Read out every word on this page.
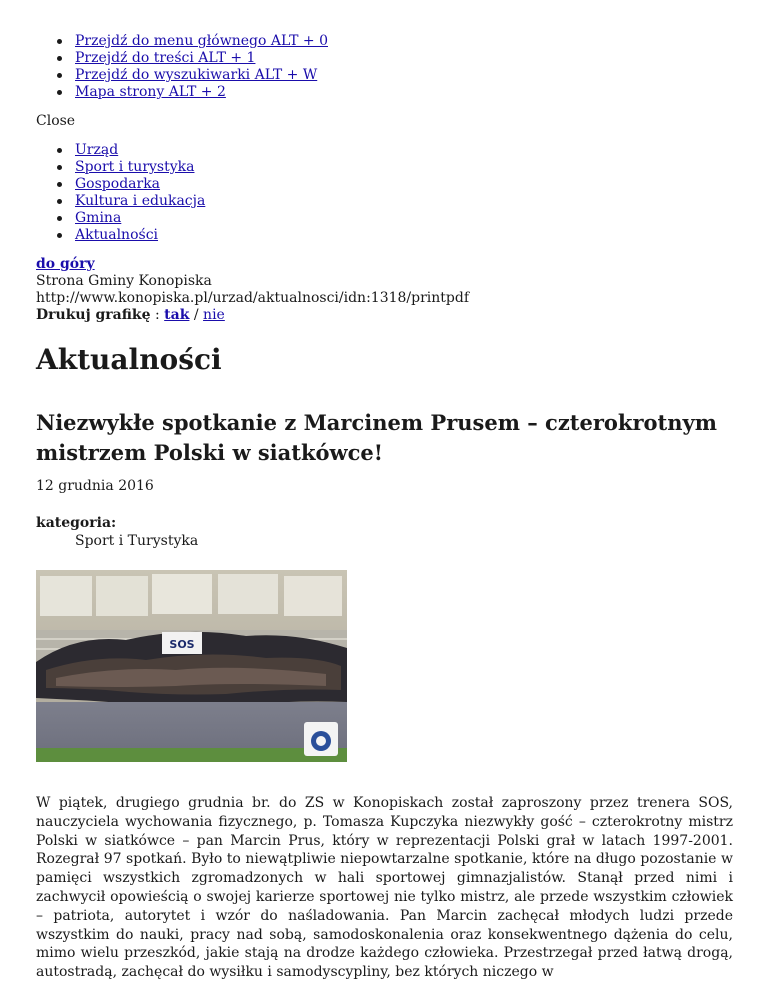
Przejdź do menu głównego ALT + 0
Przejdź do treści ALT + 1
Przejdź do wyszukiwarki ALT + W
Mapa strony ALT + 2
Close
Urząd
Sport i turystyka
Gospodarka
Kultura i edukacja
Gmina
Aktualności
do góry
Strona Gminy Konopiska
http://www.konopiska.pl/urzad/aktualnosci/idn:1318/printpdf
Drukuj grafikę : tak / nie
Aktualności
Niezwykłe spotkanie z Marcinem Prusem – czterokrotnym mistrzem Polski w siatkówce!
12 grudnia 2016
kategoria:
Sport i Turystyka
SOS
W piątek, drugiego grudnia br. do ZS w Konopiskach został zaproszony przez trenera SOS, nauczyciela wychowania fizycznego, p. Tomasza Kupczyka niezwykły gość – czterokrotny mistrz Polski w siatkówce – pan Marcin Prus, który w reprezentacji Polski grał w latach 1997-2001. Rozegrał 97 spotkań. Było to niewątpliwie niepowtarzalne spotkanie, które na długo pozostanie w pamięci wszystkich zgromadzonych w hali sportowej gimnazjalistów. Stanął przed nimi i zachwycił opowieścią o swojej karierze sportowej nie tylko mistrz, ale przede wszystkim człowiek – patriota, autorytet i wzór do naśladowania. Pan Marcin zachęcał młodych ludzi przede wszystkim do nauki, pracy nad sobą, samodoskonalenia oraz konsekwentnego dążenia do celu, mimo wielu przeszkód, jakie stają na drodze każdego człowieka. Przestrzegał przed łatwą drogą, autostradą, zachęcał do wysiłku i samodyscypliny, bez których niczego w
